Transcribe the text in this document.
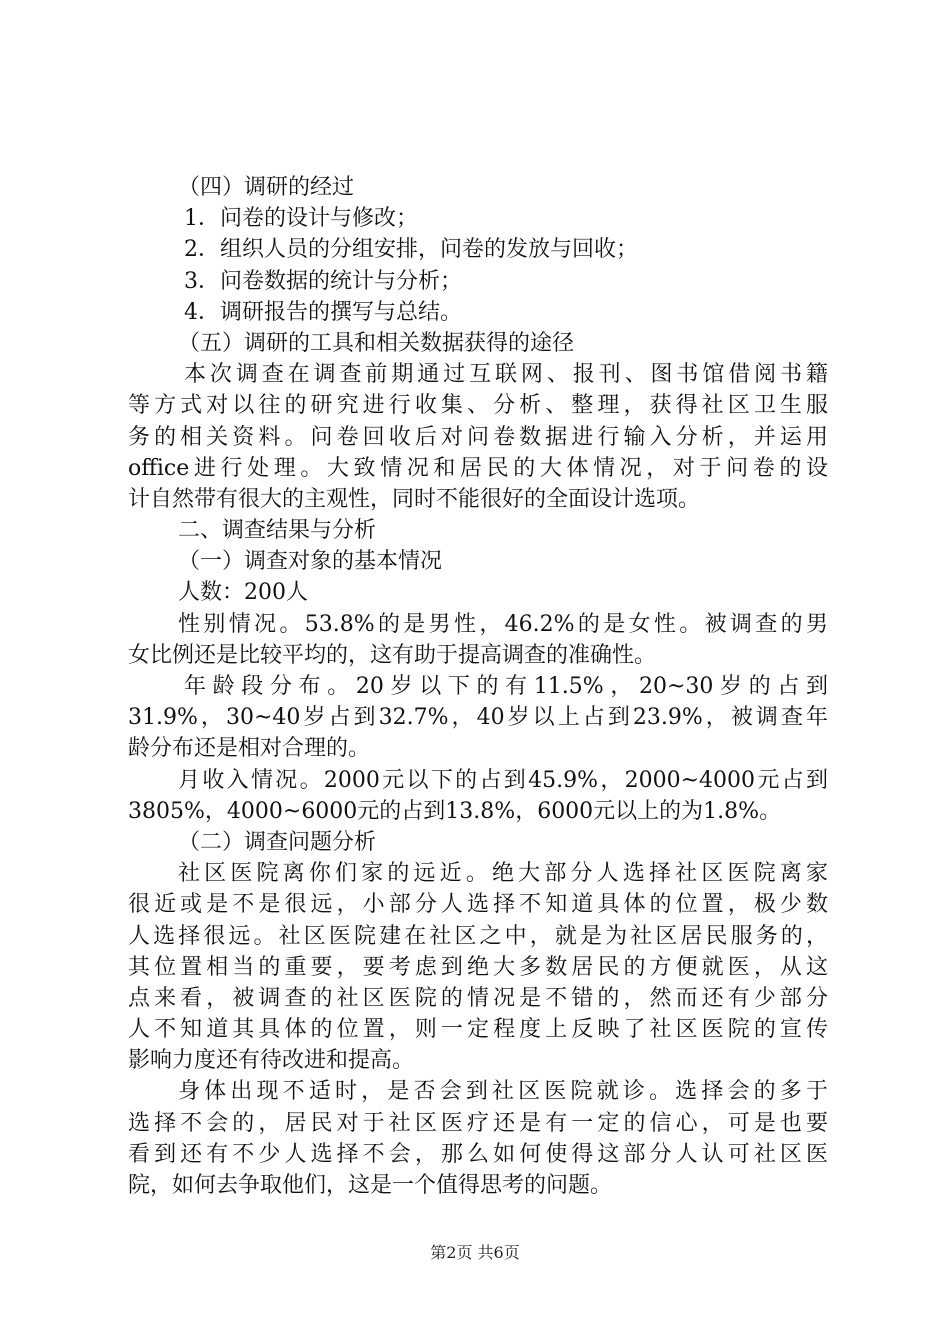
（四）调研的经过
1．问卷的设计与修改；
2．组织人员的分组安排，问卷的发放与回收；
3．问卷数据的统计与分析；
4．调研报告的撰写与总结。
（五）调研的工具和相关数据获得的途径
本次调查在调查前期通过互联网、报刊、图书馆借阅书籍
等方式对以往的研究进行收集、分析、整理，获得社区卫生服
务的相关资料。问卷回收后对问卷数据进行输入分析，并运用
office进行处理。大致情况和居民的大体情况，对于问卷的设
计自然带有很大的主观性，同时不能很好的全面设计选项。
二、调查结果与分析
（一）调查对象的基本情况
人数：200人
性别情况。53.8%的是男性，46.2%的是女性。被调查的男
女比例还是比较平均的，这有助于提高调查的准确性。
年龄段分布。20岁以下的有11.5%，20~30岁的占到
31.9%，30~40岁占到32.7%，40岁以上占到23.9%，被调查年
龄分布还是相对合理的。
月收入情况。2000元以下的占到45.9%，2000~4000元占到
3805%，4000~6000元的占到13.8%，6000元以上的为1.8%。
（二）调查问题分析
社区医院离你们家的远近。绝大部分人选择社区医院离家
很近或是不是很远，小部分人选择不知道具体的位置，极少数
人选择很远。社区医院建在社区之中，就是为社区居民服务的，
其位置相当的重要，要考虑到绝大多数居民的方便就医，从这
点来看，被调查的社区医院的情况是不错的，然而还有少部分
人不知道其具体的位置，则一定程度上反映了社区医院的宣传
影响力度还有待改进和提高。
身体出现不适时，是否会到社区医院就诊。选择会的多于
选择不会的，居民对于社区医疗还是有一定的信心，可是也要
看到还有不少人选择不会，那么如何使得这部分人认可社区医
院，如何去争取他们，这是一个值得思考的问题。
第2页 共6页
